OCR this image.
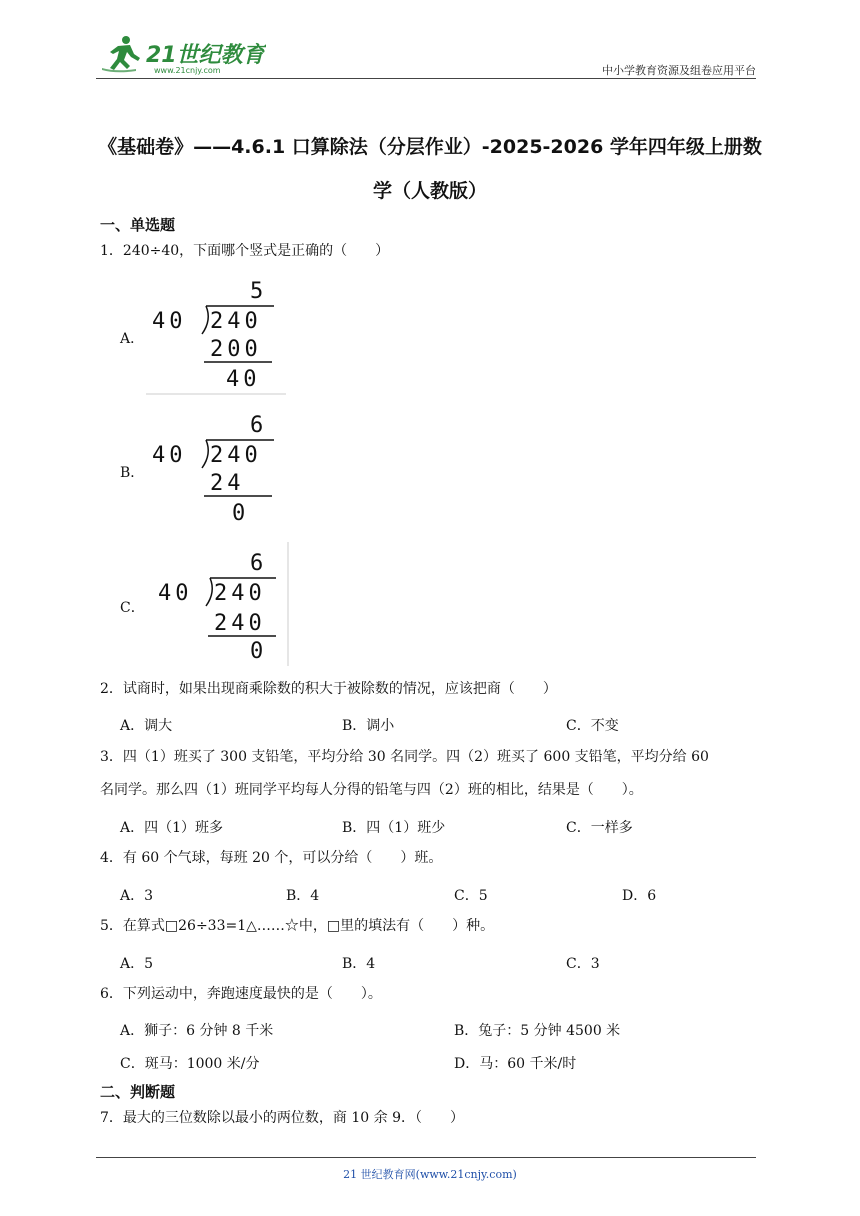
21世纪教育
www.21cnjy.com	中小学教育资源及组卷应用平台
《基础卷》——4.6.1 口算除法（分层作业）-2025-2026 学年四年级上册数
学（人教版）
一、单选题
1．240÷40，下面哪个竖式是正确的（　　）
A．
5
40 240
200
40
B．
6
40 240
24
0
C．
6
40 240
240
0
2．试商时，如果出现商乘除数的积大于被除数的情况，应该把商（　　）
A．调大	B．调小	C．不变
3．四（1）班买了 300 支铅笔，平均分给 30 名同学。四（2）班买了 600 支铅笔，平均分给 60
名同学。那么四（1）班同学平均每人分得的铅笔与四（2）班的相比，结果是（　　）。
A．四（1）班多	B．四（1）班少	C．一样多
4．有 60 个气球，每班 20 个，可以分给（　　）班。
A．3	B．4	C．5	D．6
5．在算式□26÷33=1△……☆中，□里的填法有（　　）种。
A．5	B．4	C．3
6．下列运动中，奔跑速度最快的是（　　）。
A．狮子：6 分钟 8 千米	B．兔子：5 分钟 4500 米
C．斑马：1000 米/分	D．马：60 千米/时
二、判断题
7．最大的三位数除以最小的两位数，商 10 余 9．（　　）
21 世纪教育网(www.21cnjy.com)
